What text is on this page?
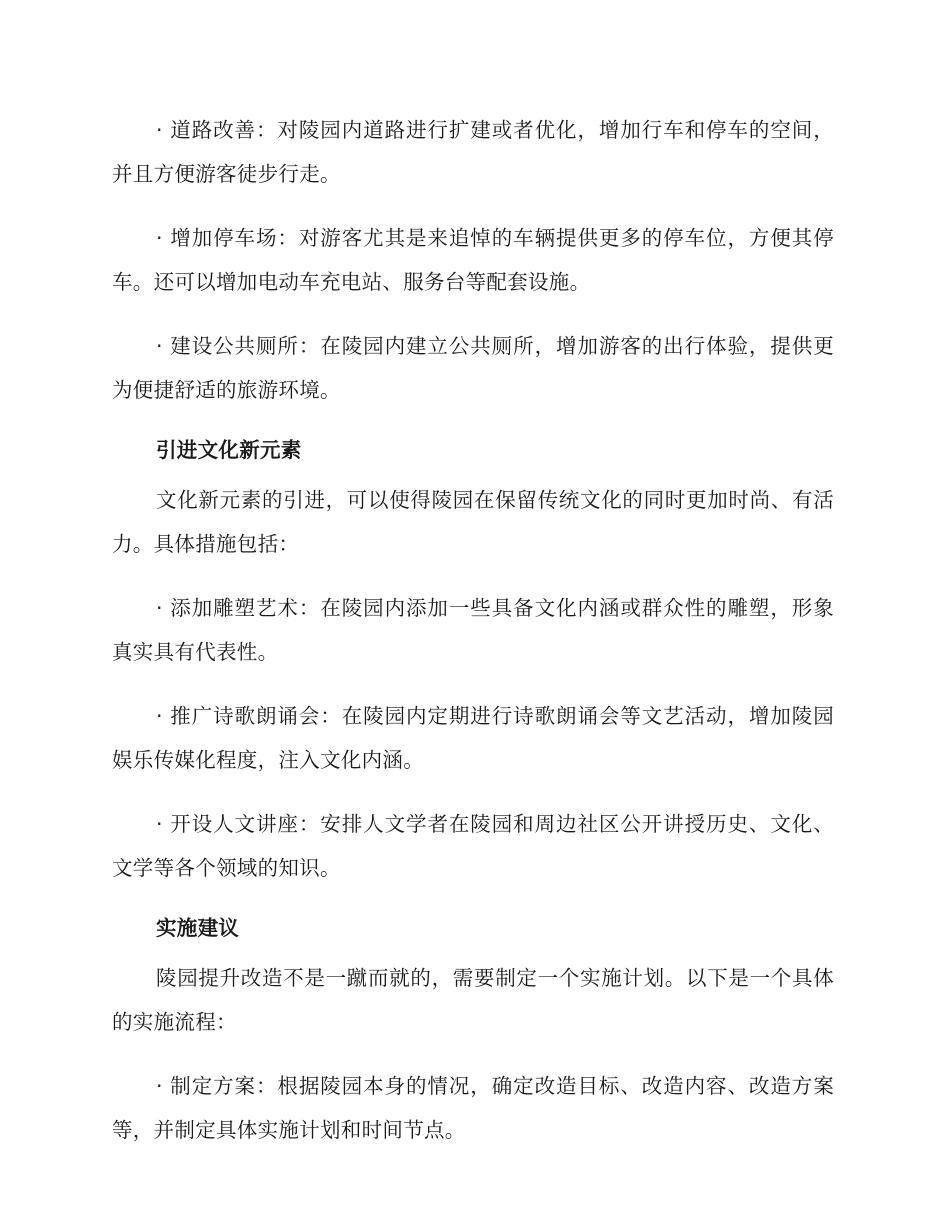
· 道路改善：对陵园内道路进行扩建或者优化，增加行车和停车的空间，并且方便游客徒步行走。

· 增加停车场：对游客尤其是来追悼的车辆提供更多的停车位，方便其停车。还可以增加电动车充电站、服务台等配套设施。

· 建设公共厕所：在陵园内建立公共厕所，增加游客的出行体验，提供更为便捷舒适的旅游环境。

引进文化新元素

文化新元素的引进，可以使得陵园在保留传统文化的同时更加时尚、有活力。具体措施包括：

· 添加雕塑艺术：在陵园内添加一些具备文化内涵或群众性的雕塑，形象真实具有代表性。

· 推广诗歌朗诵会：在陵园内定期进行诗歌朗诵会等文艺活动，增加陵园娱乐传媒化程度，注入文化内涵。

· 开设人文讲座：安排人文学者在陵园和周边社区公开讲授历史、文化、文学等各个领域的知识。

实施建议

陵园提升改造不是一蹴而就的，需要制定一个实施计划。以下是一个具体的实施流程：

· 制定方案：根据陵园本身的情况，确定改造目标、改造内容、改造方案等，并制定具体实施计划和时间节点。
